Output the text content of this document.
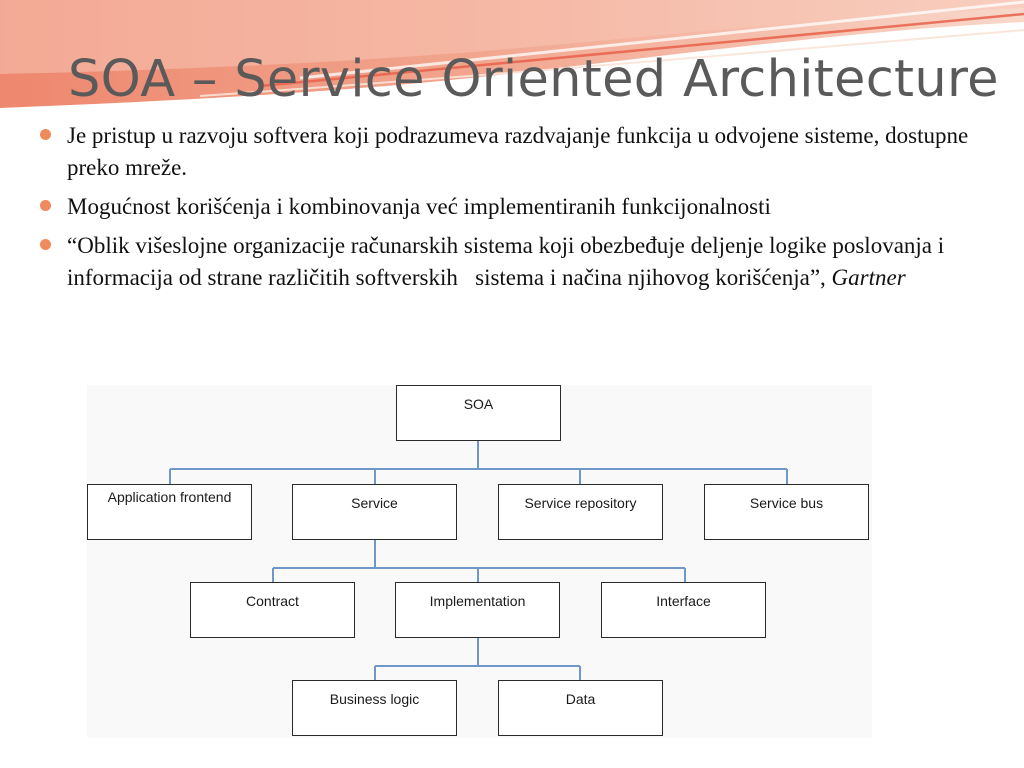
SOA – Service Oriented Architecture
Je pristup u razvoju softvera koji podrazumeva razdvajanje funkcija u odvojene sisteme, dostupne preko mreže.
Mogućnost korišćenja i kombinovanja već implementiranih funkcijonalnosti
“Oblik višeslojne organizacije računarskih sistema koji obezbeđuje deljenje logike poslovanja i informacija od strane različitih softverskih sistema i načina njihovog korišćenja”, Gartner
SOA
Application frontend	Service	Service repository	Service bus
Contract	Implementation	Interface
Business logic	Data
